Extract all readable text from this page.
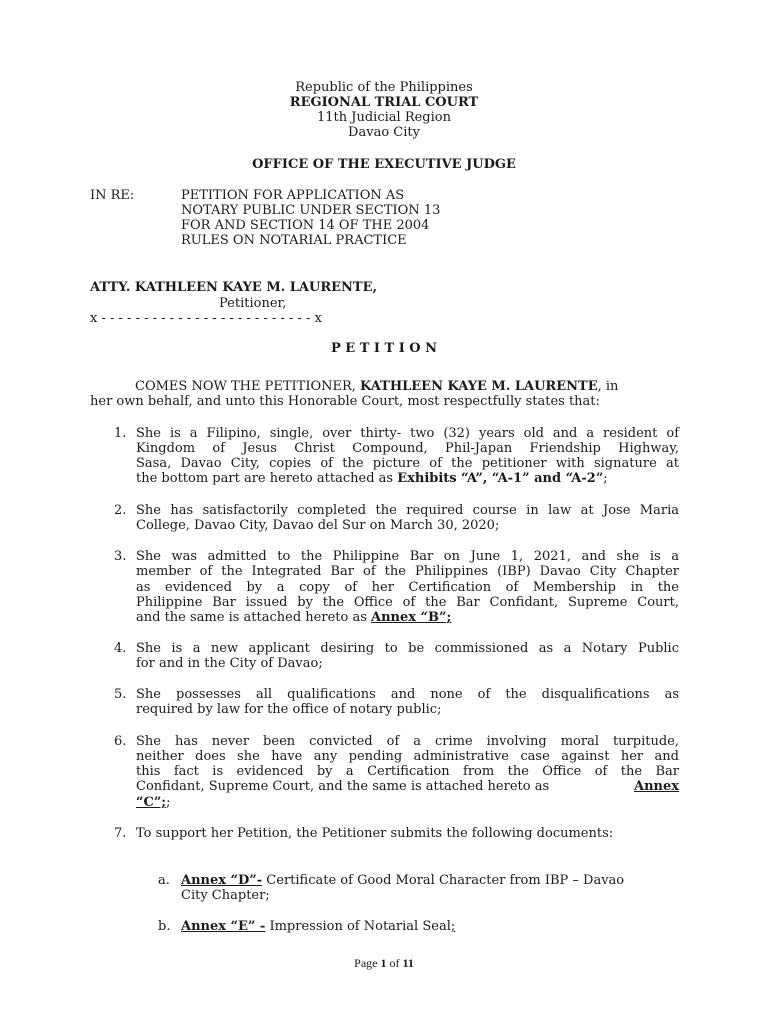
Republic of the Philippines
REGIONAL TRIAL COURT
11th Judicial Region
Davao City
OFFICE OF THE EXECUTIVE JUDGE
IN RE:	PETITION FOR APPLICATION AS
NOTARY PUBLIC UNDER SECTION 13
FOR AND SECTION 14 OF THE 2004
RULES ON NOTARIAL PRACTICE
ATTY. KATHLEEN KAYE M. LAURENTE,
Petitioner,
x - - - - - - - - - - - - - - - - - - - - - - - - - x
P E T I T I O N
COMES NOW THE PETITIONER, KATHLEEN KAYE M. LAURENTE, in
her own behalf, and unto this Honorable Court, most respectfully states that:
1. She is a Filipino, single, over thirty- two (32) years old and a resident of
Kingdom of Jesus Christ Compound, Phil-Japan Friendship Highway,
Sasa, Davao City, copies of the picture of the petitioner with signature at
the bottom part are hereto attached as Exhibits “A”, “A-1” and “A-2”;
2. She has satisfactorily completed the required course in law at Jose Maria
College, Davao City, Davao del Sur on March 30, 2020;
3. She was admitted to the Philippine Bar on June 1, 2021, and she is a
member of the Integrated Bar of the Philippines (IBP) Davao City Chapter
as evidenced by a copy of her Certification of Membership in the
Philippine Bar issued by the Office of the Bar Confidant, Supreme Court,
and the same is attached hereto as Annex “B”;
4. She is a new applicant desiring to be commissioned as a Notary Public
for and in the City of Davao;
5. She possesses all qualifications and none of the disqualifications as
required by law for the office of notary public;
6. She has never been convicted of a crime involving moral turpitude,
neither does she have any pending administrative case against her and
this fact is evidenced by a Certification from the Office of the Bar
Confidant, Supreme Court, and the same is attached hereto as	Annex
“C”;;
7. To support her Petition, the Petitioner submits the following documents:
a. Annex “D”- Certificate of Good Moral Character from IBP – Davao
City Chapter;
b. Annex “E” - Impression of Notarial Seal;
Page 1 of 11
